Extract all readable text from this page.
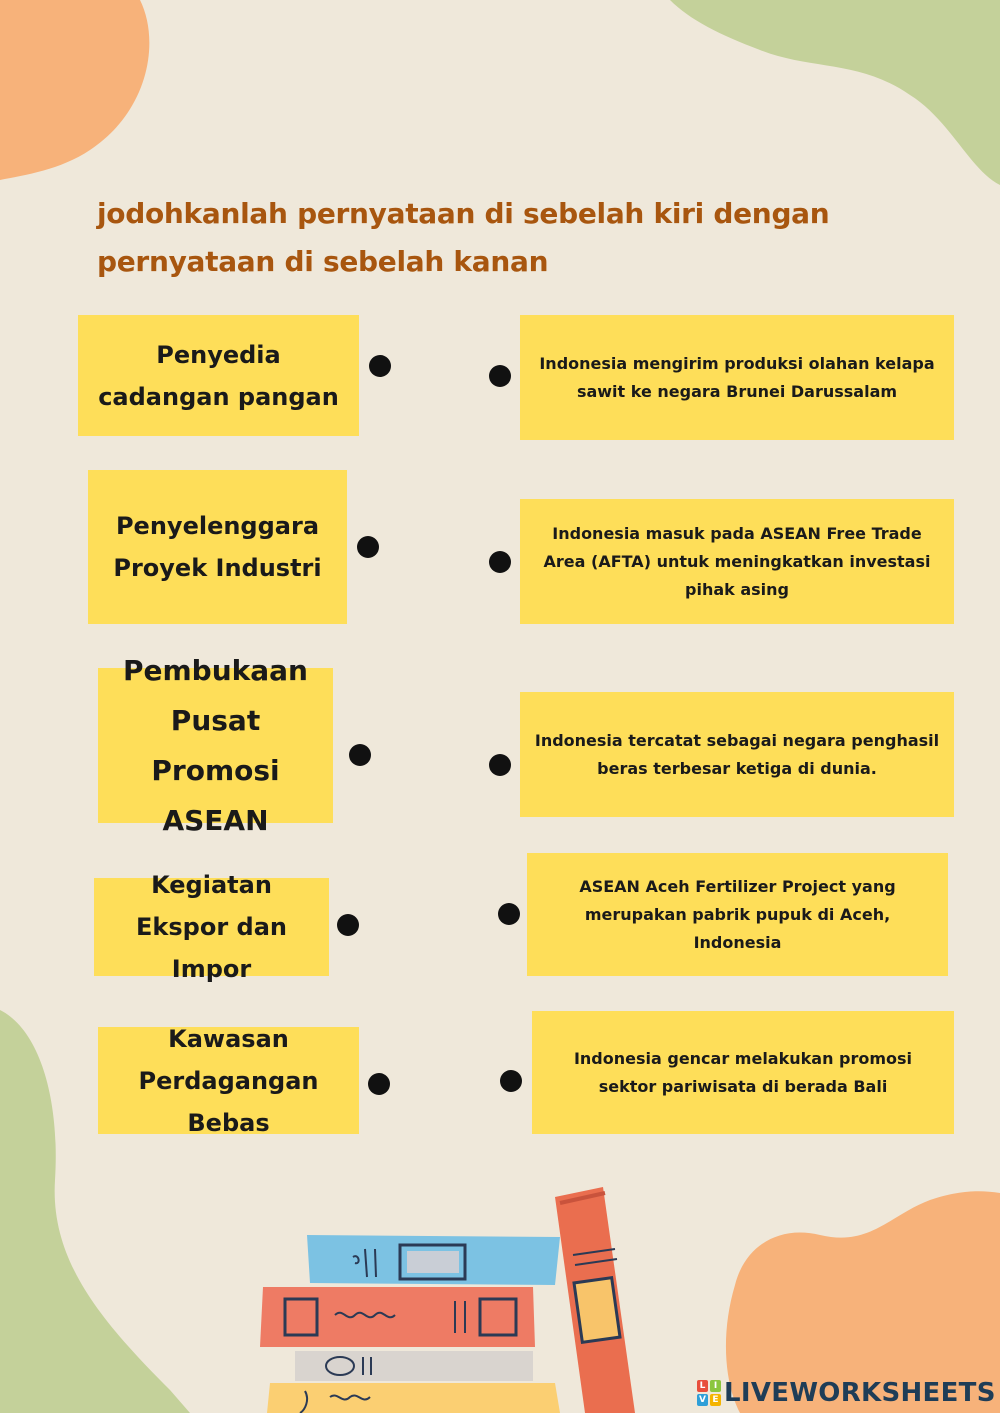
jodohkanlah pernyataan di sebelah kiri dengan pernyataan di sebelah kanan
Penyedia cadangan pangan
Penyelenggara Proyek Industri
Pembukaan Pusat Promosi ASEAN
Kegiatan Ekspor dan Impor
Kawasan Perdagangan Bebas
Indonesia mengirim produksi olahan kelapa sawit ke negara Brunei Darussalam
Indonesia masuk pada ASEAN Free Trade Area (AFTA) untuk meningkatkan investasi pihak asing
Indonesia tercatat sebagai negara penghasil beras terbesar ketiga di dunia.
ASEAN Aceh Fertilizer Project yang merupakan pabrik pupuk di Aceh, Indonesia
Indonesia gencar melakukan promosi sektor pariwisata di berada Bali
L I
V E LIVEWORKSHEETS
